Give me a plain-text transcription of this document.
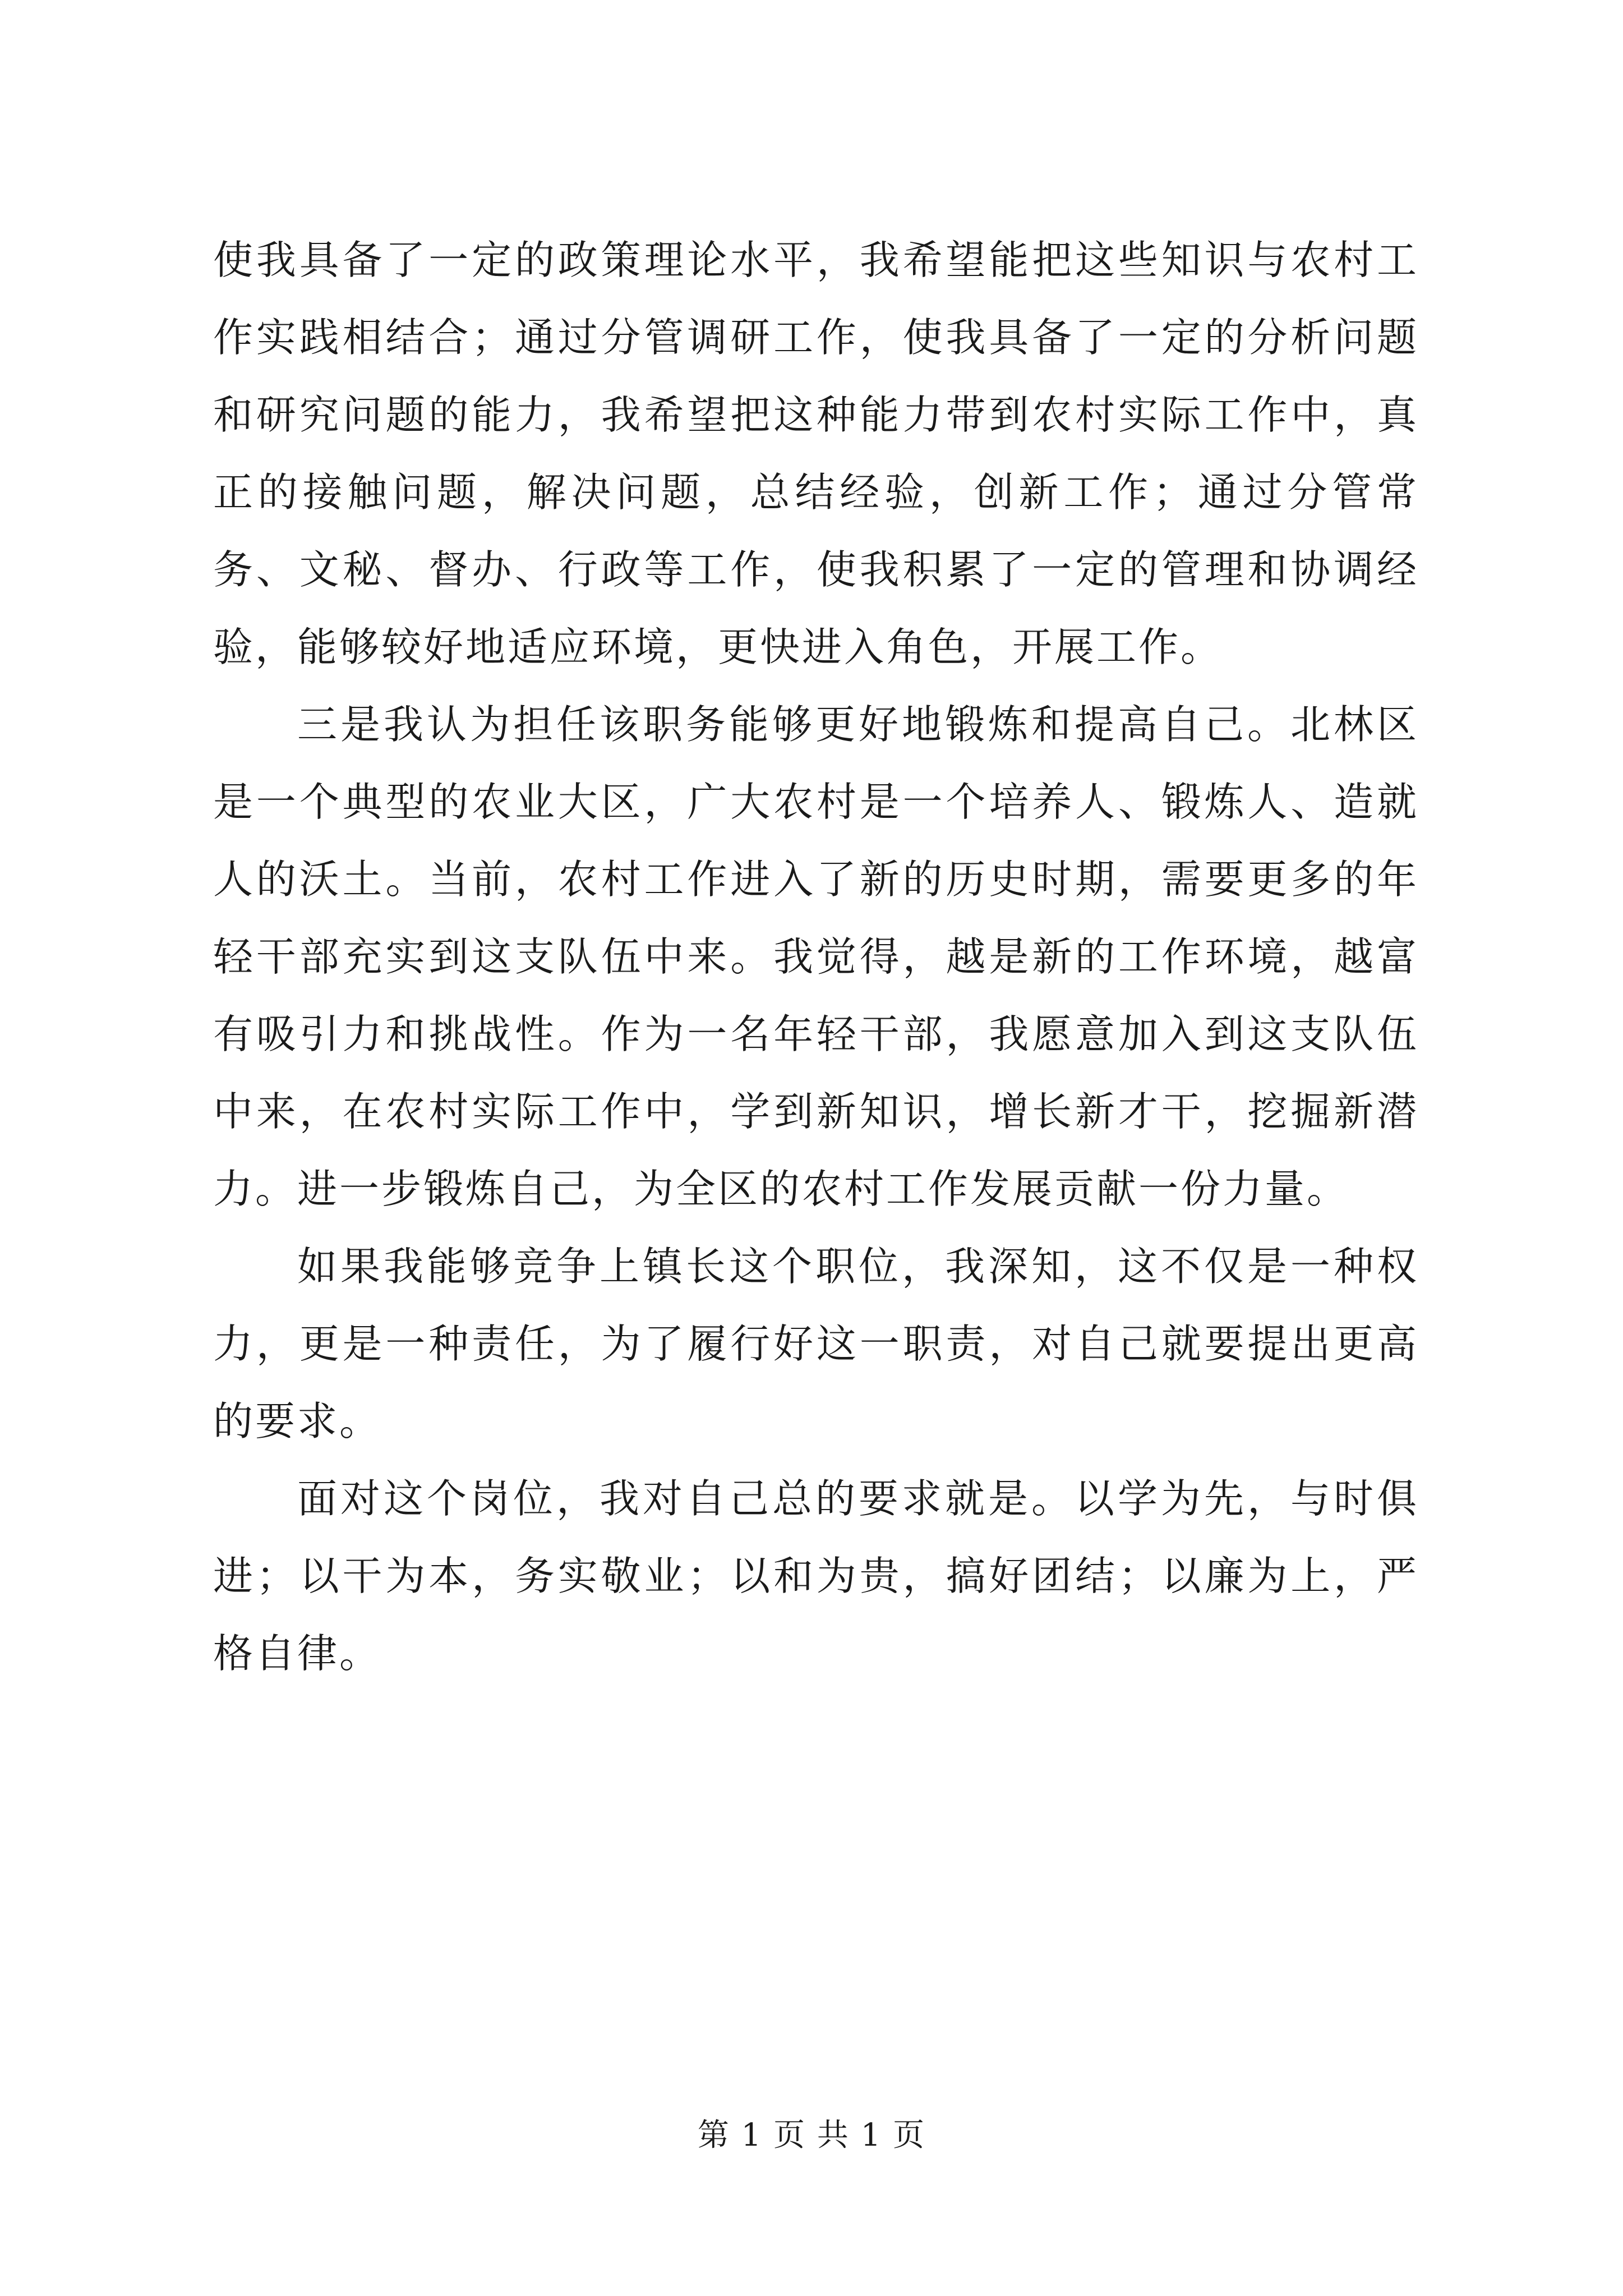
使我具备了一定的政策理论水平，我希望能把这些知识与农村工作实践相结合；通过分管调研工作，使我具备了一定的分析问题和研究问题的能力，我希望把这种能力带到农村实际工作中，真正的接触问题，解决问题，总结经验，创新工作；通过分管常务、文秘、督办、行政等工作，使我积累了一定的管理和协调经验，能够较好地适应环境，更快进入角色，开展工作。

三是我认为担任该职务能够更好地锻炼和提高自己。北林区是一个典型的农业大区，广大农村是一个培养人、锻炼人、造就人的沃土。当前，农村工作进入了新的历史时期，需要更多的年轻干部充实到这支队伍中来。我觉得，越是新的工作环境，越富有吸引力和挑战性。作为一名年轻干部，我愿意加入到这支队伍中来，在农村实际工作中，学到新知识，增长新才干，挖掘新潜力。进一步锻炼自己，为全区的农村工作发展贡献一份力量。

如果我能够竞争上镇长这个职位，我深知，这不仅是一种权力，更是一种责任，为了履行好这一职责，对自己就要提出更高的要求。

面对这个岗位，我对自己总的要求就是。以学为先，与时俱进；以干为本，务实敬业；以和为贵，搞好团结；以廉为上，严格自律。

第 1 页 共 1 页
